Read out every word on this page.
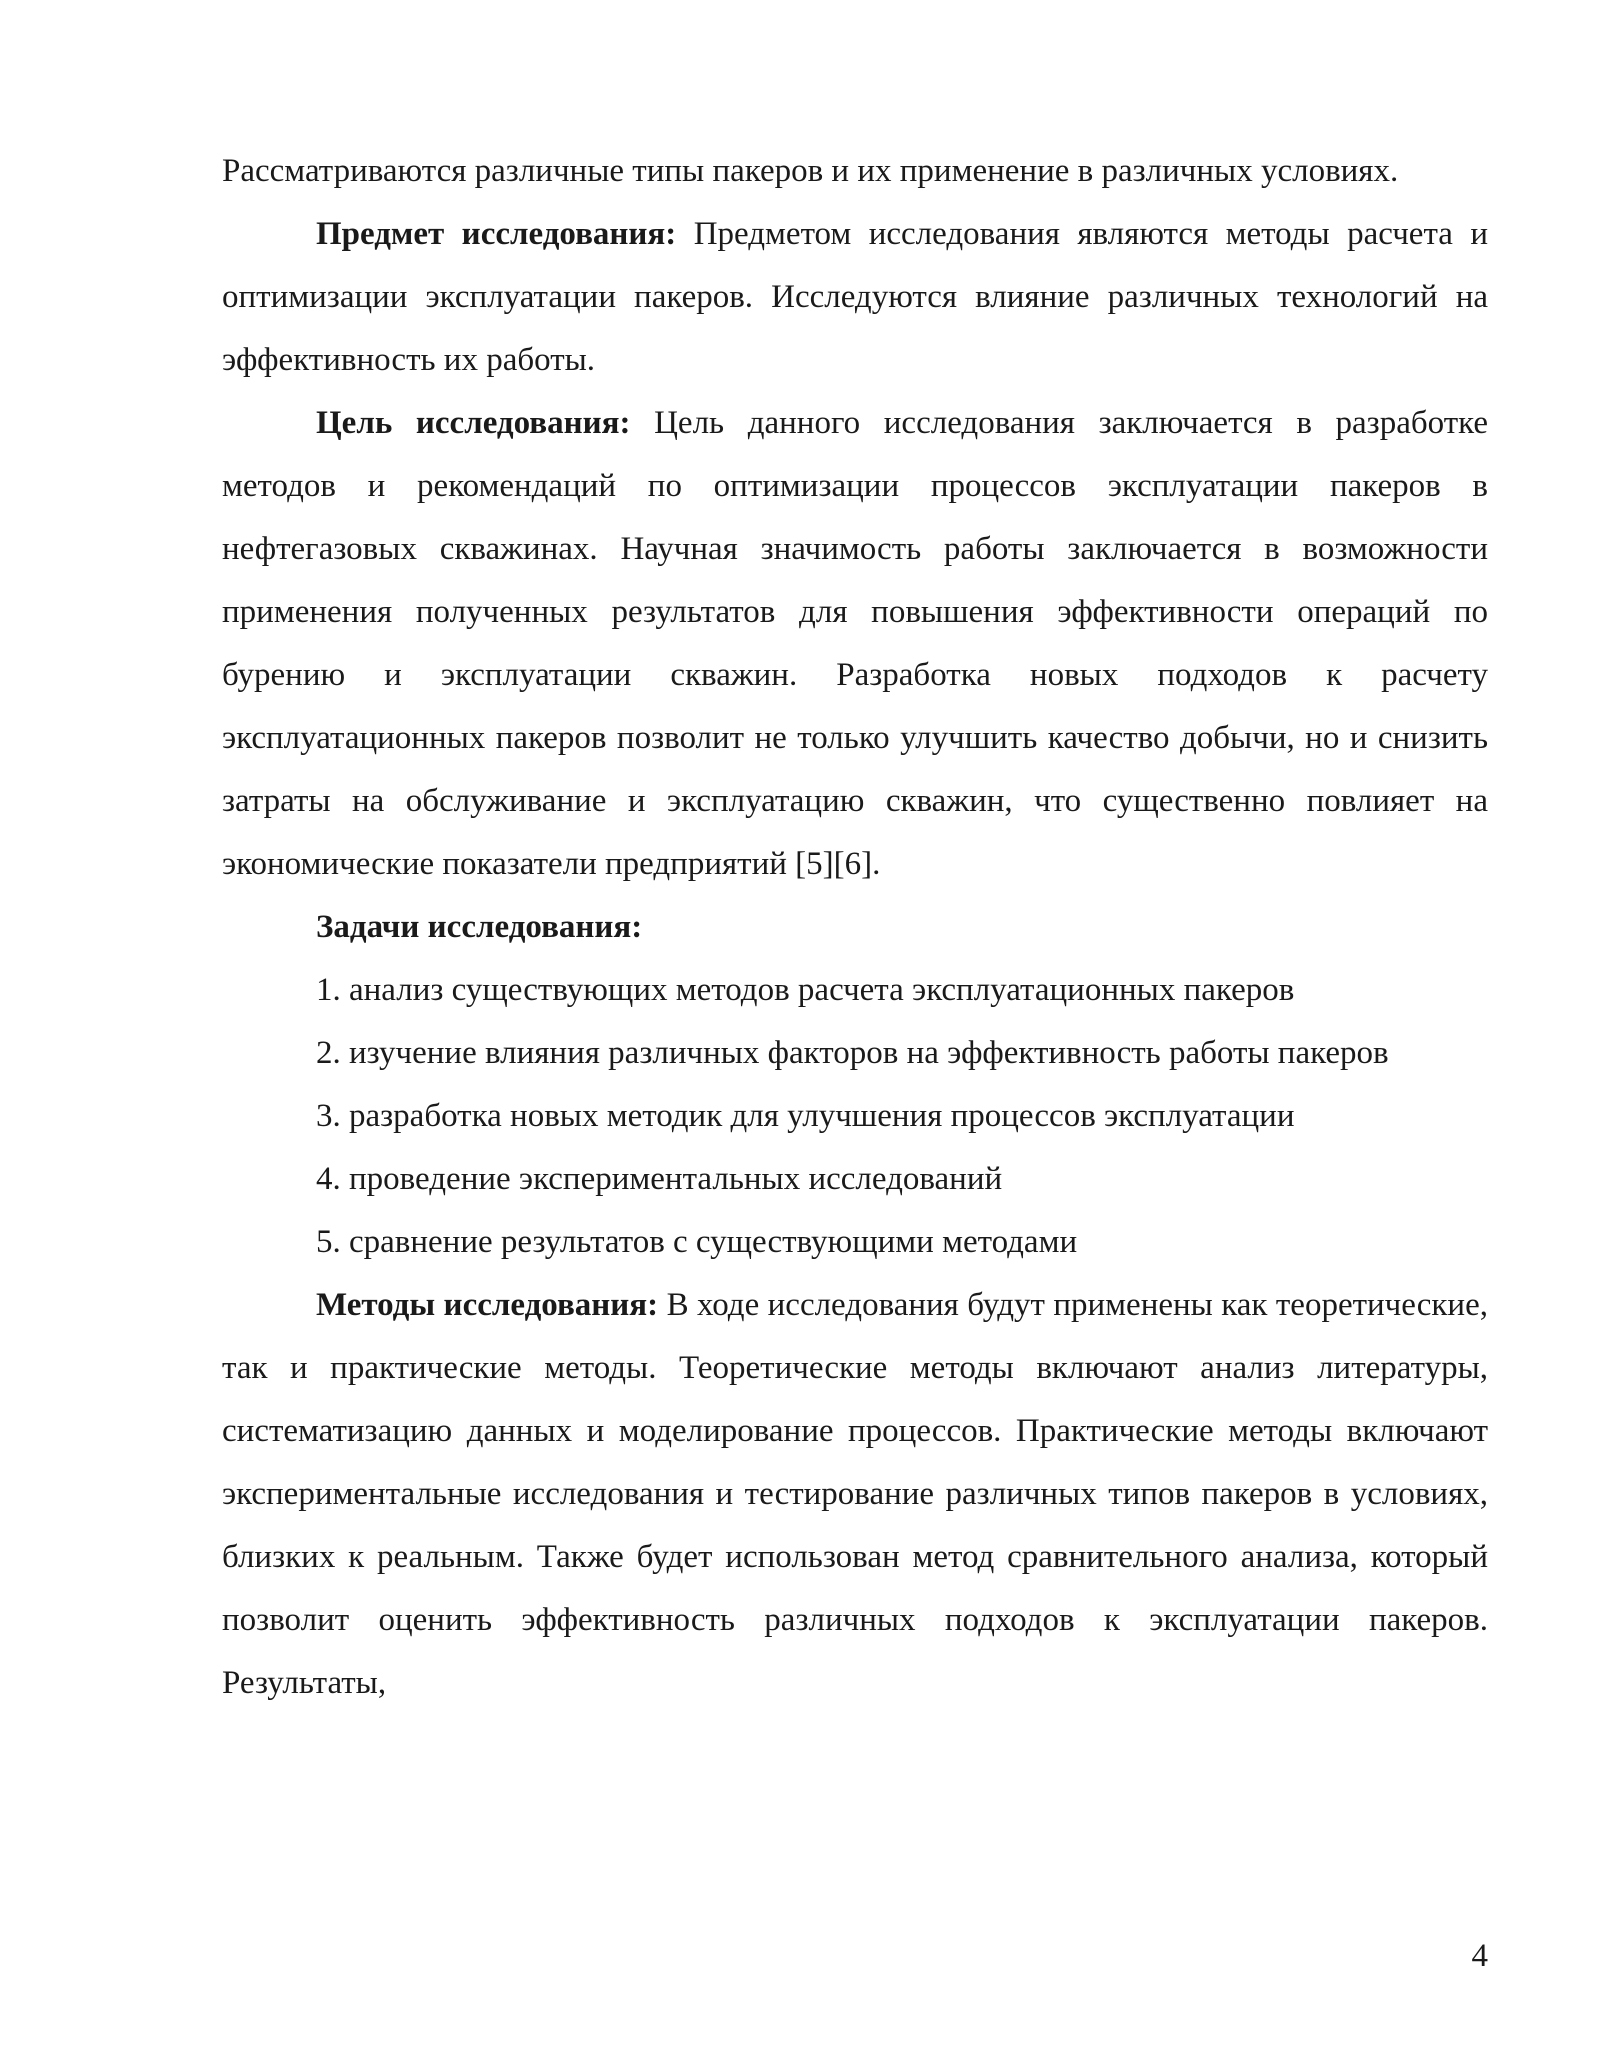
Рассматриваются различные типы пакеров и их применение в различных условиях.

Предмет исследования: Предметом исследования являются методы расчета и оптимизации эксплуатации пакеров. Исследуются влияние различных технологий на эффективность их работы.

Цель исследования: Цель данного исследования заключается в разработке методов и рекомендаций по оптимизации процессов эксплуатации пакеров в нефтегазовых скважинах. Научная значимость работы заключается в возможности применения полученных результатов для повышения эффективности операций по бурению и эксплуатации скважин. Разработка новых подходов к расчету эксплуатационных пакеров позволит не только улучшить качество добычи, но и снизить затраты на обслуживание и эксплуатацию скважин, что существенно повлияет на экономические показатели предприятий [5][6].

Задачи исследования:

1. анализ существующих методов расчета эксплуатационных пакеров

2. изучение влияния различных факторов на эффективность работы пакеров

3. разработка новых методик для улучшения процессов эксплуатации

4. проведение экспериментальных исследований

5. сравнение результатов с существующими методами

Методы исследования: В ходе исследования будут применены как теоретические, так и практические методы. Теоретические методы включают анализ литературы, систематизацию данных и моделирование процессов. Практические методы включают экспериментальные исследования и тестирование различных типов пакеров в условиях, близких к реальным. Также будет использован метод сравнительного анализа, который позволит оценить эффективность различных подходов к эксплуатации пакеров. Результаты,

4
